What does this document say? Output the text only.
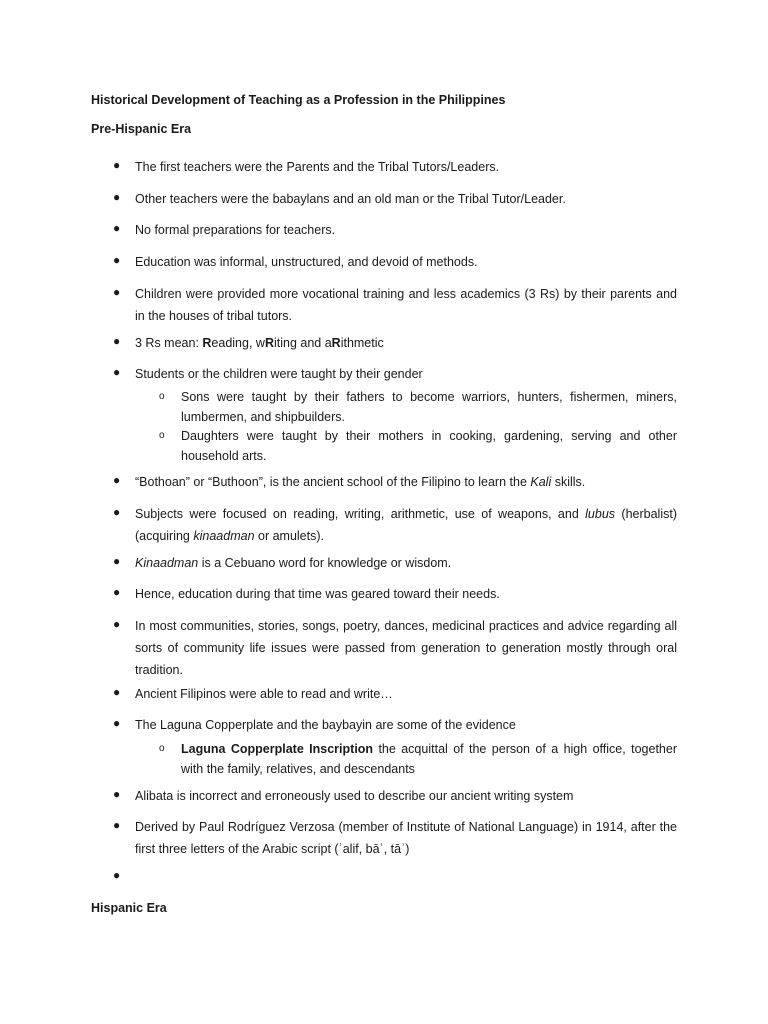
Historical Development of Teaching as a Profession in the Philippines
Pre-Hispanic Era
● The first teachers were the Parents and the Tribal Tutors/Leaders.
● Other teachers were the babaylans and an old man or the Tribal Tutor/Leader.
● No formal preparations for teachers.
● Education was informal, unstructured, and devoid of methods.
● Children were provided more vocational training and less academics (3 Rs) by their parents and in the houses of tribal tutors.
● 3 Rs mean: Reading, wRiting and aRithmetic
● Students or the children were taught by their gender
o Sons were taught by their fathers to become warriors, hunters, fishermen, miners, lumbermen, and shipbuilders.
o Daughters were taught by their mothers in cooking, gardening, serving and other household arts.
● “Bothoan” or “Buthoon”, is the ancient school of the Filipino to learn the Kali skills.
● Subjects were focused on reading, writing, arithmetic, use of weapons, and lubus (herbalist) (acquiring kinaadman or amulets).
● Kinaadman is a Cebuano word for knowledge or wisdom.
● Hence, education during that time was geared toward their needs.
● In most communities, stories, songs, poetry, dances, medicinal practices and advice regarding all sorts of community life issues were passed from generation to generation mostly through oral tradition.
● Ancient Filipinos were able to read and write…
● The Laguna Copperplate and the baybayin are some of the evidence
o Laguna Copperplate Inscription the acquittal of the person of a high office, together with the family, relatives, and descendants
● Alibata is incorrect and erroneously used to describe our ancient writing system
● Derived by Paul Rodríguez Verzosa (member of Institute of National Language) in 1914, after the first three letters of the Arabic script (ʾalif, bāʾ, tāʾ)
●
Hispanic Era
